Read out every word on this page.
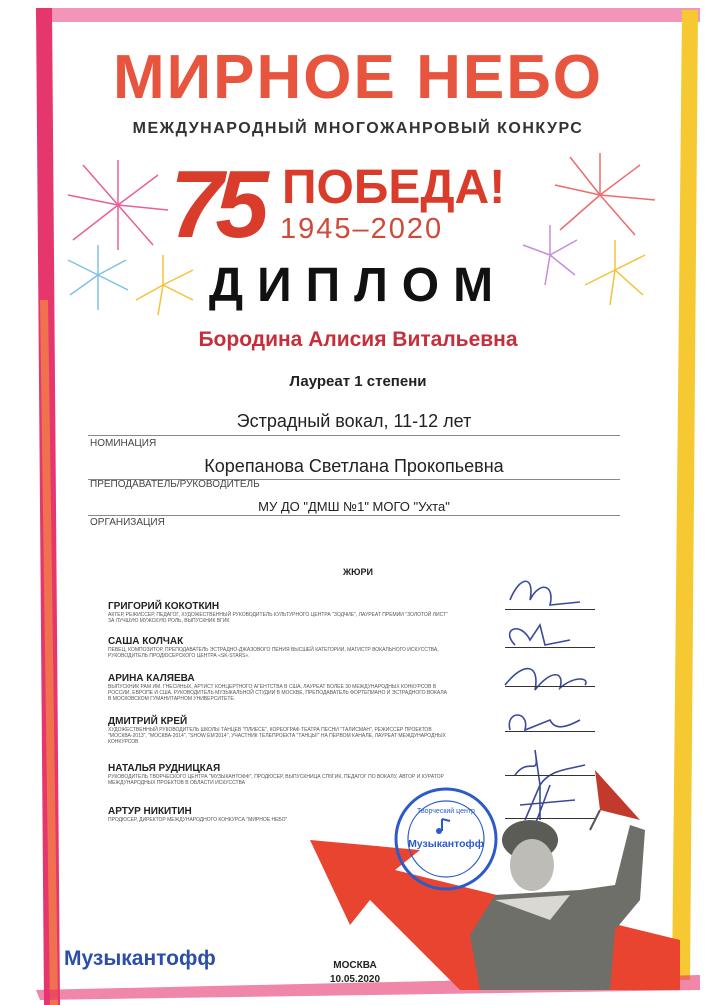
МИРНОЕ НЕБО
МЕЖДУНАРОДНЫЙ МНОГОЖАНРОВЫЙ КОНКУРС
75 ПОБЕДА!
1945–2020
ДИПЛОМ
Бородина Алисия Витальевна
Лауреат 1 степени
Эстрадный вокал, 11-12 лет
НОМИНАЦИЯ
Корепанова Светлана Прокопьевна
ПРЕПОДАВАТЕЛЬ/РУКОВОДИТЕЛЬ
МУ ДО "ДМШ №1" МОГО "Ухта"
ОРГАНИЗАЦИЯ
ЖЮРИ
ГРИГОРИЙ КОКОТКИН
АКТЕР, РЕЖИССЕР, ПЕДАГОГ, ХУДОЖЕСТВЕННЫЙ РУКОВОДИТЕЛЬ КУЛЬТУРНОГО ЦЕНТРА "ЗОДЧИЕ", ЛАУРЕАТ ПРЕМИИ "ЗОЛОТОЙ ЛИСТ" ЗА ЛУЧШУЮ МУЖСКУЮ РОЛЬ, ВЫПУСКНИК ВГИК
САША КОЛЧАК
ПЕВЕЦ, КОМПОЗИТОР, ПРЕПОДАВАТЕЛЬ ЭСТРАДНО-ДЖАЗОВОГО ПЕНИЯ ВЫСШЕЙ КАТЕГОРИИ, МАГИСТР ВОКАЛЬНОГО ИСКУССТВА, РУКОВОДИТЕЛЬ ПРОДЮСЕРСКОГО ЦЕНТРА «SK-STARS».
АРИНА КАЛЯЕВА
ВЫПУСКНИК РАМ ИМ. ГНЕСИНЫХ, АРТИСТ КОНЦЕРТНОГО АГЕНТСТВА В США, ЛАУРЕАТ БОЛЕЕ 30 МЕЖДУНАРОДНЫХ КОНКУРСОВ В РОССИИ, ЕВРОПЕ И США. РУКОВОДИТЕЛЬ МУЗЫКАЛЬНОЙ СТУДИИ В МОСКВЕ, ПРЕПОДАВАТЕЛЬ ФОРТЕПИАНО И ЭСТРАДНОГО ВОКАЛА В МОСКОВСКОМ ГУМАНИТАРНОМ УНИВЕРСИТЕТЕ.
ДМИТРИЙ КРЕЙ
ХУДОЖЕСТВЕННЫЙ РУКОВОДИТЕЛЬ ШКОЛЫ ТАНЦЕВ "ПЛИЕСЕ", КОРЕОГРАФ ТЕАТРА ПЕСНИ "ТАЛИСМАН", РЕЖИССЕР ПРОЕКТОВ "МОСКВА-2013", "МОСКВА-2014", "SHOW EM'2014", УЧАСТНИК ТЕЛЕПРОЕКТА "ТАНЦЫ!" НА ПЕРВОМ КАНАЛЕ, ЛАУРЕАТ МЕЖДУНАРОДНЫХ КОНКУРСОВ
НАТАЛЬЯ РУДНИЦКАЯ
РУКОВОДИТЕЛЬ ТВОРЧЕСКОГО ЦЕНТРА "МУЗЫКАНТОФФ", ПРОДЮСЕР, ВЫПУСКНИЦА СПбГИК, ПЕДАГОГ ПО ВОКАЛУ, АВТОР И КУРАТОР МЕЖДУНАРОДНЫХ ПРОЕКТОВ В ОБЛАСТИ ИСКУССТВА
АРТУР НИКИТИН
ПРОДЮСЕР, ДИРЕКТОР МЕЖДУНАРОДНОГО КОНКУРСА "МИРНОЕ НЕБО"
Творческий центр
Музыкантофф
Музыкантофф	МОСКВА
10.05.2020
